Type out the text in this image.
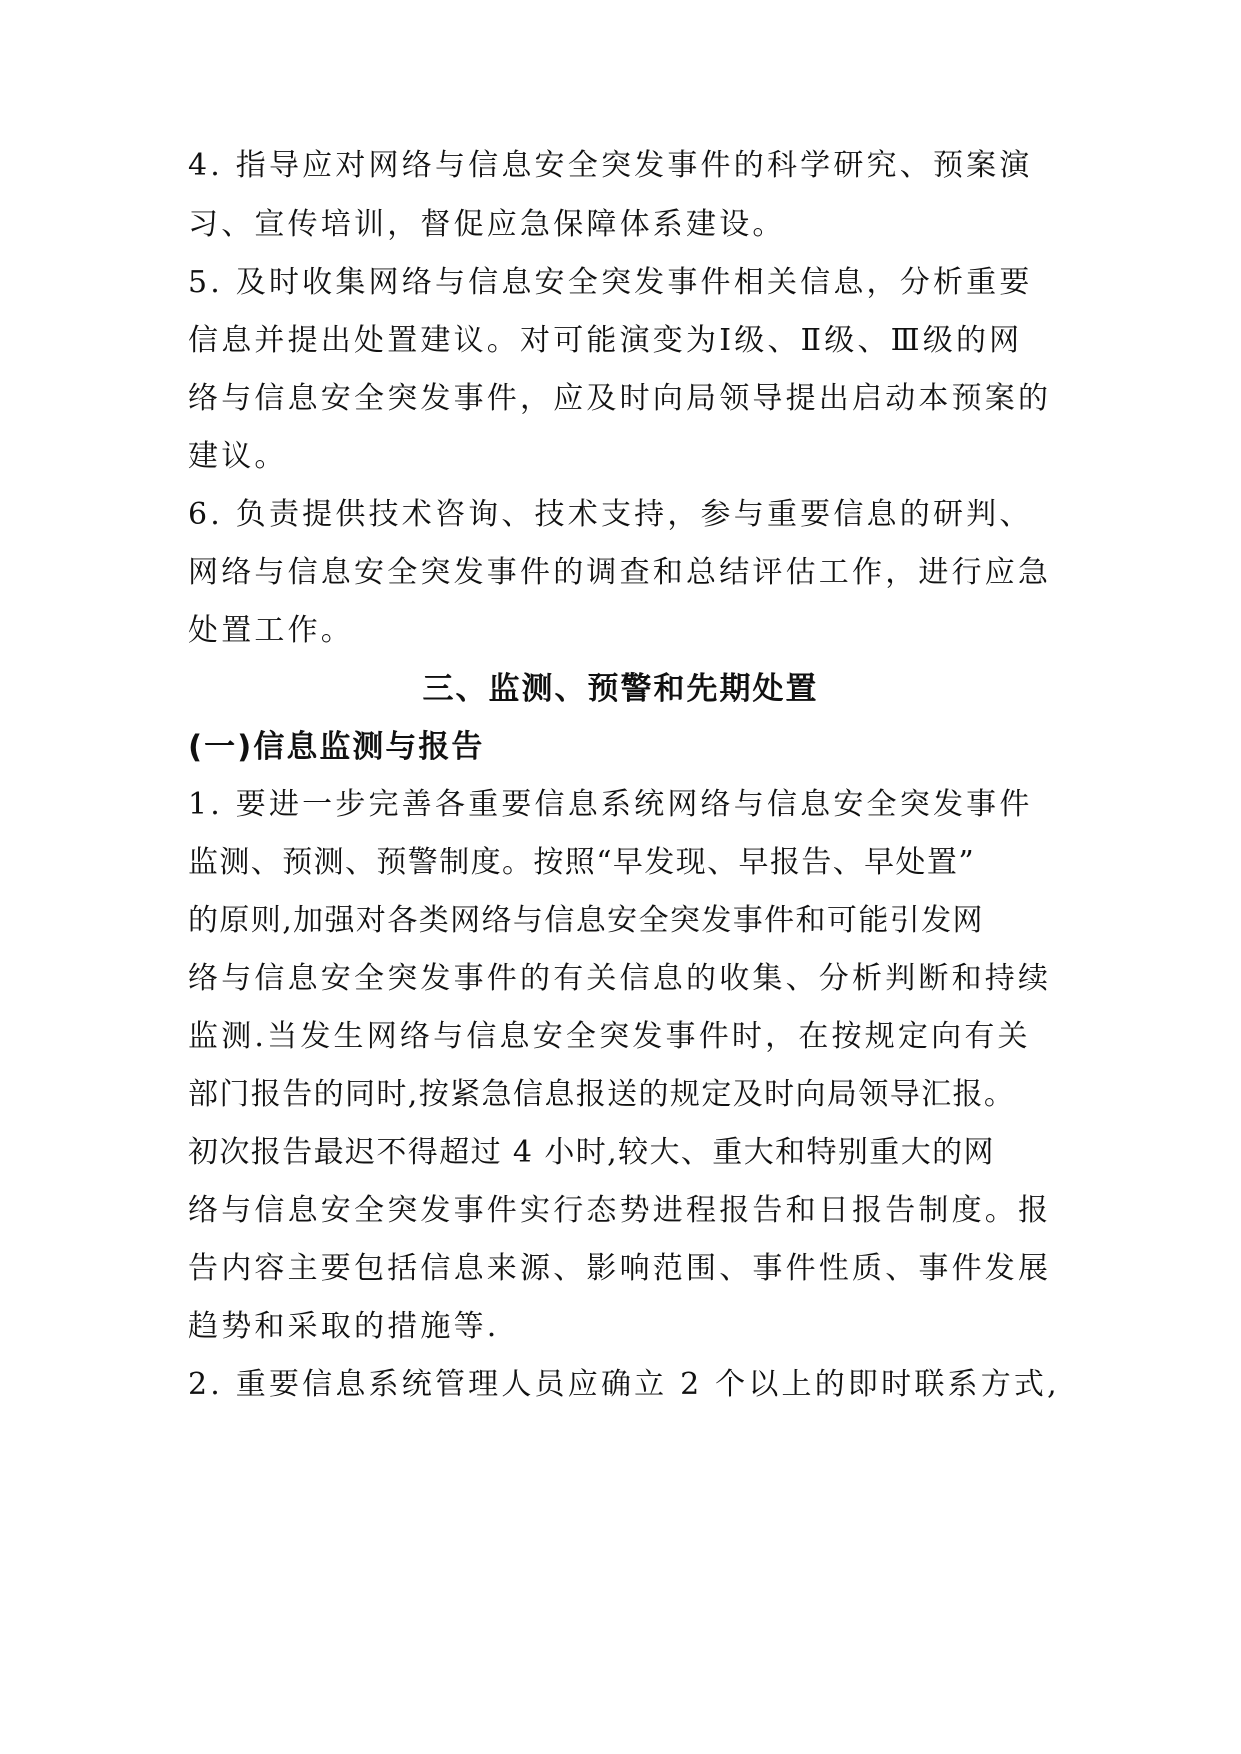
4. 指导应对网络与信息安全突发事件的科学研究、预案演
习、宣传培训，督促应急保障体系建设。
5. 及时收集网络与信息安全突发事件相关信息，分析重要
信息并提出处置建议。对可能演变为Ⅰ级、Ⅱ级、Ⅲ级的网
络与信息安全突发事件，应及时向局领导提出启动本预案的
建议。
6. 负责提供技术咨询、技术支持，参与重要信息的研判、
网络与信息安全突发事件的调查和总结评估工作，进行应急
处置工作。
三、监测、预警和先期处置
(一)信息监测与报告
1. 要进一步完善各重要信息系统网络与信息安全突发事件
监测、预测、预警制度。按照“早发现、早报告、早处置”
的原则,加强对各类网络与信息安全突发事件和可能引发网
络与信息安全突发事件的有关信息的收集、分析判断和持续
监测.当发生网络与信息安全突发事件时，在按规定向有关
部门报告的同时,按紧急信息报送的规定及时向局领导汇报。
初次报告最迟不得超过 4 小时,较大、重大和特别重大的网
络与信息安全突发事件实行态势进程报告和日报告制度。报
告内容主要包括信息来源、影响范围、事件性质、事件发展
趋势和采取的措施等.
2. 重要信息系统管理人员应确立 2 个以上的即时联系方式,
